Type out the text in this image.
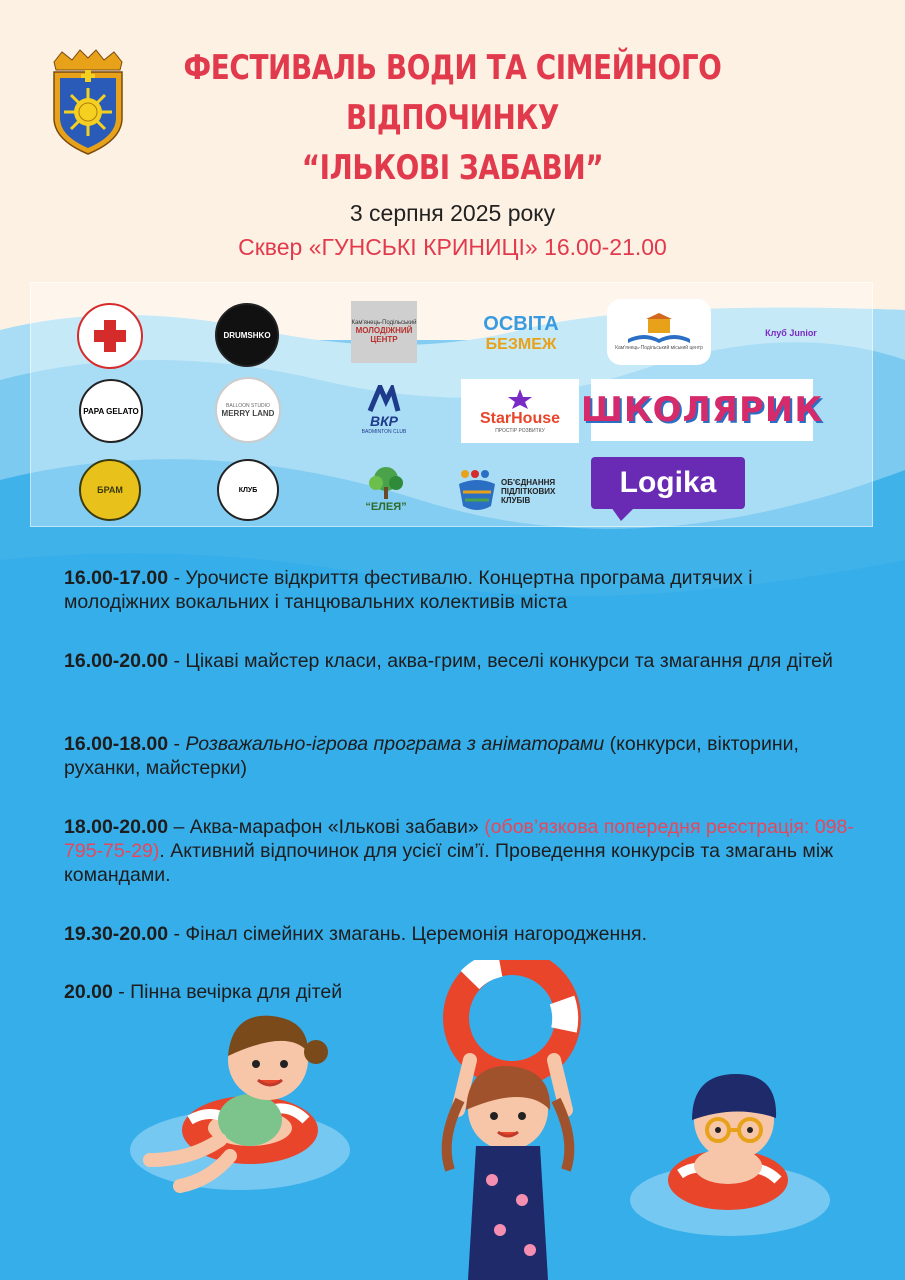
ФЕСТИВАЛЬ ВОДИ ТА СІМЕЙНОГО
ВІДПОЧИНКУ
“ІЛЬКОВІ ЗАБАВИ”
3 серпня 2025 року
Сквер «ГУНСЬКІ КРИНИЦІ» 16.00-21.00
DRUMSHKO
Кам'янець-Подільський
МОЛОДІЖНИЙ
ЦЕНТР
ОСВІТА
БЕЗМЕЖ	Кам'янець-Подільський міський центр
Клуб Junior
PAPA GELATO
BALLOON STUDIO
MERRY LAND	ВКР
BADMINTON CLUB
StarHouse
ПРОСТІР РОЗВИТКУ
ШКОЛЯРИК
БРАМ	КЛУБ
“ЕЛЕЯ”
ОБ'ЄДНАННЯ
ПІДЛІТКОВИХ
КЛУБІВ
Logika
16.00-17.00 - Урочисте відкриття фестивалю. Концертна програма дитячих і молодіжних вокальних і танцювальних колективів міста
16.00-20.00 - Цікаві майстер класи, аква-грим, веселі конкурси та змагання для дітей
16.00-18.00 - Розважально-ігрова програма з аніматорами (конкурси, вікторини, руханки, майстерки)
18.00-20.00 – Аква-марафон «Ількові забави» (обов’язкова попередня реєстрація: 098-795-75-29). Активний відпочинок для усієї сім’ї. Проведення конкурсів та змагань між командами.
19.30-20.00 - Фінал сімейних змагань. Церемонія нагородження.
20.00 - Пінна вечірка для дітей
